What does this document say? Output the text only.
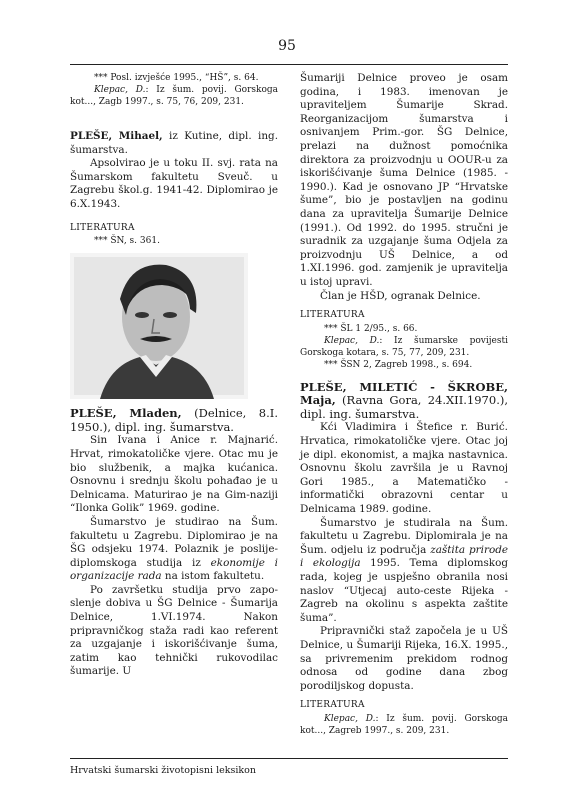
95

*** Posl. izvješće 1995., “HŠ”, s. 64.

Klepac, D.: Iz šum. povij. Gorskoga kot..., Zagb 1997., s. 75, 76, 209, 231.

PLEŠE, Mihael, iz Kutine, dipl. ing. šumarstva.

Apsolvirao je u toku II. svj. rata na Šumarskom fakultetu Sveuč. u Zagrebu škol.g. 1941-42. Diplomirao je 6.X.1943.

LITERATURA

*** ŠN, s. 361.

PLEŠE, Mladen, (Delnice, 8.I. 1950.), dipl. ing. šumarstva.

Sin Ivana i Anice r. Majnarić. Hrvat, rimokatoličke vjere. Otac mu je bio službenik, a majka kućanica. Osnovnu i srednju školu pohađao je u Delnicama. Maturirao je na Gim-naziji “Ilonka Golik” 1969. godine.

Šumarstvo je studirao na Šum. fakultetu u Zagrebu. Diplomirao je na ŠG odsjeku 1974. Polaznik je poslije-diplomskoga studija iz ekonomije i organizacije rada na istom fakultetu.

Po završetku studija prvo zapo-slenje dobiva u ŠG Delnice - Šumarija Delnice, 1.VI.1974. Nakon pripravničkog staža radi kao referent za uzgajanje i iskorišćivanje šuma, zatim kao tehnički rukovodilac šumarije. U

Šumariji Delnice proveo je osam godina, i 1983. imenovan je upraviteljem Šumarije Skrad. Reorganizacijom šumarstva i osnivanjem Prim.-gor. ŠG Delnice, prelazi na dužnost pomoćnika direktora za proizvodnju u OOUR-u za iskorišćivanje šuma Delnice (1985. - 1990.). Kad je osnovano JP “Hrvatske šume”, bio je postavljen na godinu dana za upravitelja Šumarije Delnice (1991.). Od 1992. do 1995. stručni je suradnik za uzgajanje šuma Odjela za proizvodnju UŠ Delnice, a od 1.XI.1996. god. zamjenik je upravitelja u istoj upravi.

Član je HŠD, ogranak Delnice.

LITERATURA

*** ŠL 1 2/95., s. 66.

Klepac, D.: Iz šumarske povijesti Gorskoga kotara, s. 75, 77, 209, 231.

*** ŠSN 2, Zagreb 1998., s. 694.

PLEŠE, MILETIĆ - ŠKROBE, Maja, (Ravna Gora, 24.XII.1970.), dipl. ing. šumarstva.

Kći Vladimira i Štefice r. Burić. Hrvatica, rimokatoličke vjere. Otac joj je dipl. ekonomist, a majka nastavnica. Osnovnu školu završila je u Ravnoj Gori 1985., a Matematičko - informatički obrazovni centar u Delnicama 1989. godine.

Šumarstvo je studirala na Šum. fakultetu u Zagrebu. Diplomirala je na Šum. odjelu iz područja zaštita prirode i ekologija 1995. Tema diplomskog rada, kojeg je uspješno obranila nosi naslov “Utjecaj auto-ceste Rijeka - Zagreb na okolinu s aspekta zaštite šuma”.

Pripravnički staž započela je u UŠ Delnice, u Šumariji Rijeka, 16.X. 1995., sa privremenim prekidom rodnog odnosa od godine dana zbog porodiljskog dopusta.

LITERATURA

Klepac, D.: Iz šum. povij. Gorskoga kot..., Zagreb 1997., s. 209, 231.

Hrvatski šumarski životopisni leksikon
